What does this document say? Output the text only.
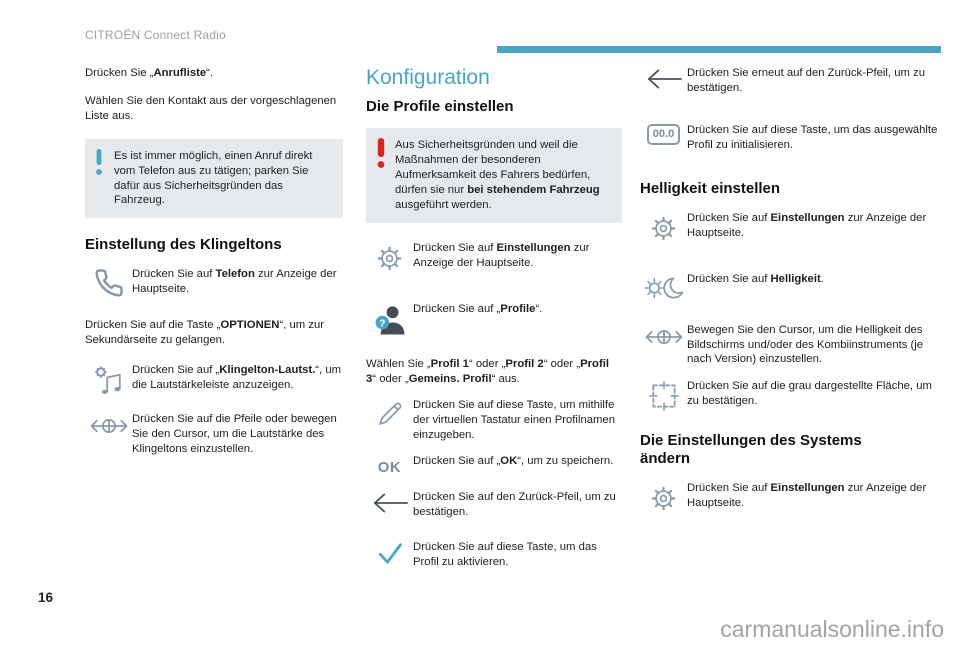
CITROËN Connect Radio

Drücken Sie „Anrufliste“.

Wählen Sie den Kontakt aus der vorgeschlagenen Liste aus.

Es ist immer möglich, einen Anruf direkt vom Telefon aus zu tätigen; parken Sie dafür aus Sicherheitsgründen das Fahrzeug.

Einstellung des Klingeltons

Drücken Sie auf Telefon zur Anzeige der Hauptseite.

Drücken Sie auf die Taste „OPTIONEN“, um zur Sekundärseite zu gelangen.

Drücken Sie auf „Klingelton-Lautst.“, um die Lautstärkeleiste anzuzeigen.

Drücken Sie auf die Pfeile oder bewegen Sie den Cursor, um die Lautstärke des Klingeltons einzustellen.

Konfiguration
Die Profile einstellen

Aus Sicherheitsgründen und weil die Maßnahmen der besonderen Aufmerksamkeit des Fahrers bedürfen, dürfen sie nur bei stehendem Fahrzeug ausgeführt werden.

Drücken Sie auf Einstellungen zur Anzeige der Hauptseite.

?

Drücken Sie auf „Profile“.

Wählen Sie „Profil 1“ oder „Profil 2“ oder „Profil 3“ oder „Gemeins. Profil“ aus.

Drücken Sie auf diese Taste, um mithilfe der virtuellen Tastatur einen Profilnamen einzugeben.

OK Drücken Sie auf „OK“, um zu speichern.

Drücken Sie auf den Zurück-Pfeil, um zu bestätigen.

Drücken Sie auf diese Taste, um das Profil zu aktivieren.

Drücken Sie erneut auf den Zurück-Pfeil, um zu bestätigen.

00.0	Drücken Sie auf diese Taste, um das ausgewählte Profil zu initialisieren.

Helligkeit einstellen

Drücken Sie auf Einstellungen zur Anzeige der Hauptseite.

Drücken Sie auf Helligkeit.

Bewegen Sie den Cursor, um die Helligkeit des Bildschirms und/oder des Kombiinstruments (je nach Version) einzustellen.

Drücken Sie auf die grau dargestellte Fläche, um zu bestätigen.

Die Einstellungen des Systems ändern

Drücken Sie auf Einstellungen zur Anzeige der Hauptseite.

16
carmanualsonline.info
